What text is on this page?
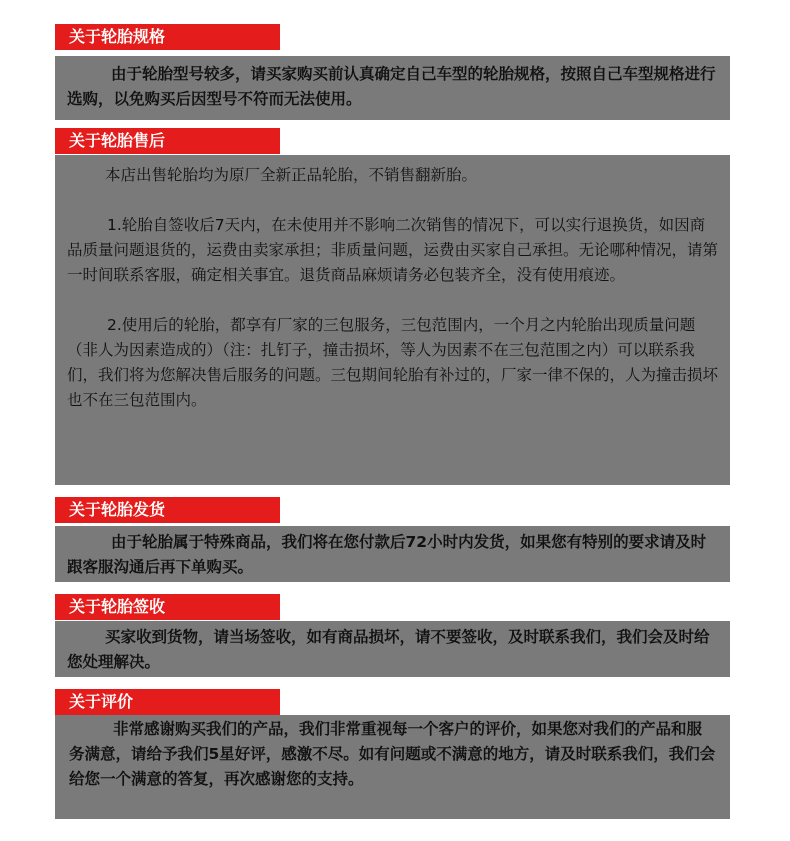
关于轮胎规格

由于轮胎型号较多，请买家购买前认真确定自己车型的轮胎规格，按照自己车型规格进行选购，以免购买后因型号不符而无法使用。

关于轮胎售后

本店出售轮胎均为原厂全新正品轮胎，不销售翻新胎。

1.轮胎自签收后7天内，在未使用并不影响二次销售的情况下，可以实行退换货，如因商品质量问题退货的，运费由卖家承担；非质量问题，运费由买家自己承担。无论哪种情况，请第一时间联系客服，确定相关事宜。退货商品麻烦请务必包装齐全，没有使用痕迹。

2.使用后的轮胎，都享有厂家的三包服务，三包范围内，一个月之内轮胎出现质量问题（非人为因素造成的）（注：扎钉子，撞击损坏，等人为因素不在三包范围之内）可以联系我们，我们将为您解决售后服务的问题。三包期间轮胎有补过的，厂家一律不保的，人为撞击损坏也不在三包范围内。

关于轮胎发货

由于轮胎属于特殊商品，我们将在您付款后72小时内发货，如果您有特别的要求请及时跟客服沟通后再下单购买。

关于轮胎签收

买家收到货物，请当场签收，如有商品损坏，请不要签收，及时联系我们，我们会及时给您处理解决。

关于评价

非常感谢购买我们的产品，我们非常重视每一个客户的评价，如果您对我们的产品和服务满意，请给予我们5星好评，感激不尽。如有问题或不满意的地方，请及时联系我们，我们会给您一个满意的答复，再次感谢您的支持。
